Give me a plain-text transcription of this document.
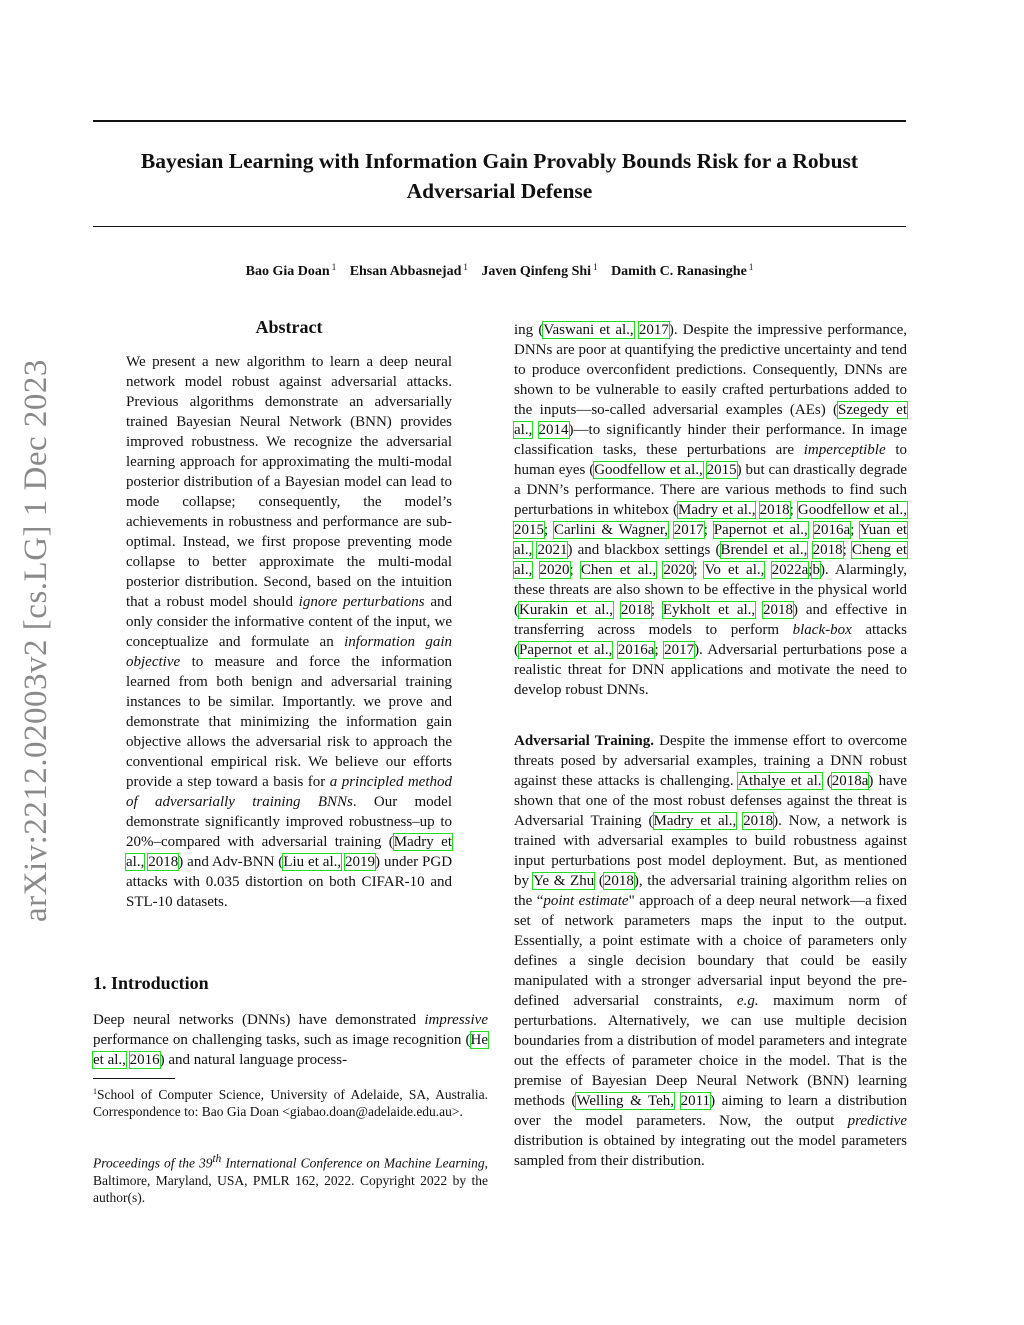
arXiv:2212.02003v2 [cs.LG] 1 Dec 2023
Bayesian Learning with Information Gain Provably Bounds Risk for a Robust
Adversarial Defense
Bao Gia Doan $^1$ Ehsan Abbasnejad $^1$ Javen Qinfeng Shi $^1$ Damith C. Ranasinghe $^1$
Abstract
We present a new algorithm to learn a deep neural network model robust against adversarial attacks. Previous algorithms demonstrate an adversarially trained Bayesian Neural Network (BNN) provides improved robustness. We recognize the adversarial learning approach for approximating the multi-modal posterior distribution of a Bayesian model can lead to mode collapse; consequently, the model’s achievements in robustness and performance are sub-optimal. Instead, we first propose preventing mode collapse to better approximate the multi-modal posterior distribution. Second, based on the intuition that a robust model should ignore perturbations and only consider the informative content of the input, we conceptualize and formulate an information gain objective to measure and force the information learned from both benign and adversarial training instances to be similar. Importantly. we prove and demonstrate that minimizing the information gain objective allows the adversarial risk to approach the conventional empirical risk. We believe our efforts provide a step toward a basis for a principled method of adversarially training BNNs. Our model demonstrate significantly improved robustness–up to 20%–compared with adversarial training (Madry et al., 2018) and Adv-BNN (Liu et al., 2019) under PGD attacks with 0.035 distortion on both CIFAR-10 and STL-10 datasets.
1. Introduction
Deep neural networks (DNNs) have demonstrated impressive performance on challenging tasks, such as image recognition (He et al., 2016) and natural language process-
$^1$School of Computer Science, University of Adelaide, SA, Australia. Correspondence to: Bao Gia Doan <giabao.doan@adelaide.edu.au>.
Proceedings of the 39th International Conference on Machine Learning, Baltimore, Maryland, USA, PMLR 162, 2022. Copyright 2022 by the author(s).
ing (Vaswani et al., 2017). Despite the impressive performance, DNNs are poor at quantifying the predictive uncertainty and tend to produce overconfident predictions. Consequently, DNNs are shown to be vulnerable to easily crafted perturbations added to the inputs—so-called adversarial examples (AEs) (Szegedy et al., 2014)—to significantly hinder their performance. In image classification tasks, these perturbations are imperceptible to human eyes (Goodfellow et al., 2015) but can drastically degrade a DNN’s performance. There are various methods to find such perturbations in whitebox (Madry et al., 2018; Goodfellow et al., 2015; Carlini & Wagner, 2017; Papernot et al., 2016a; Yuan et al., 2021) and blackbox settings (Brendel et al., 2018; Cheng et al., 2020; Chen et al., 2020; Vo et al., 2022a;b). Alarmingly, these threats are also shown to be effective in the physical world (Kurakin et al., 2018; Eykholt et al., 2018) and effective in transferring across models to perform black-box attacks (Papernot et al., 2016a; 2017). Adversarial perturbations pose a realistic threat for DNN applications and motivate the need to develop robust DNNs.
Adversarial Training. Despite the immense effort to overcome threats posed by adversarial examples, training a DNN robust against these attacks is challenging. Athalye et al. (2018a) have shown that one of the most robust defenses against the threat is Adversarial Training (Madry et al., 2018). Now, a network is trained with adversarial examples to build robustness against input perturbations post model deployment. But, as mentioned by Ye & Zhu (2018), the adversarial training algorithm relies on the “point estimate" approach of a deep neural network—a fixed set of network parameters maps the input to the output. Essentially, a point estimate with a choice of parameters only defines a single decision boundary that could be easily manipulated with a stronger adversarial input beyond the pre-defined adversarial constraints, e.g. maximum norm of perturbations. Alternatively, we can use multiple decision boundaries from a distribution of model parameters and integrate out the effects of parameter choice in the model. That is the premise of Bayesian Deep Neural Network (BNN) learning methods (Welling & Teh, 2011) aiming to learn a distribution over the model parameters. Now, the output predictive distribution is obtained by integrating out the model parameters sampled from their distribution.
